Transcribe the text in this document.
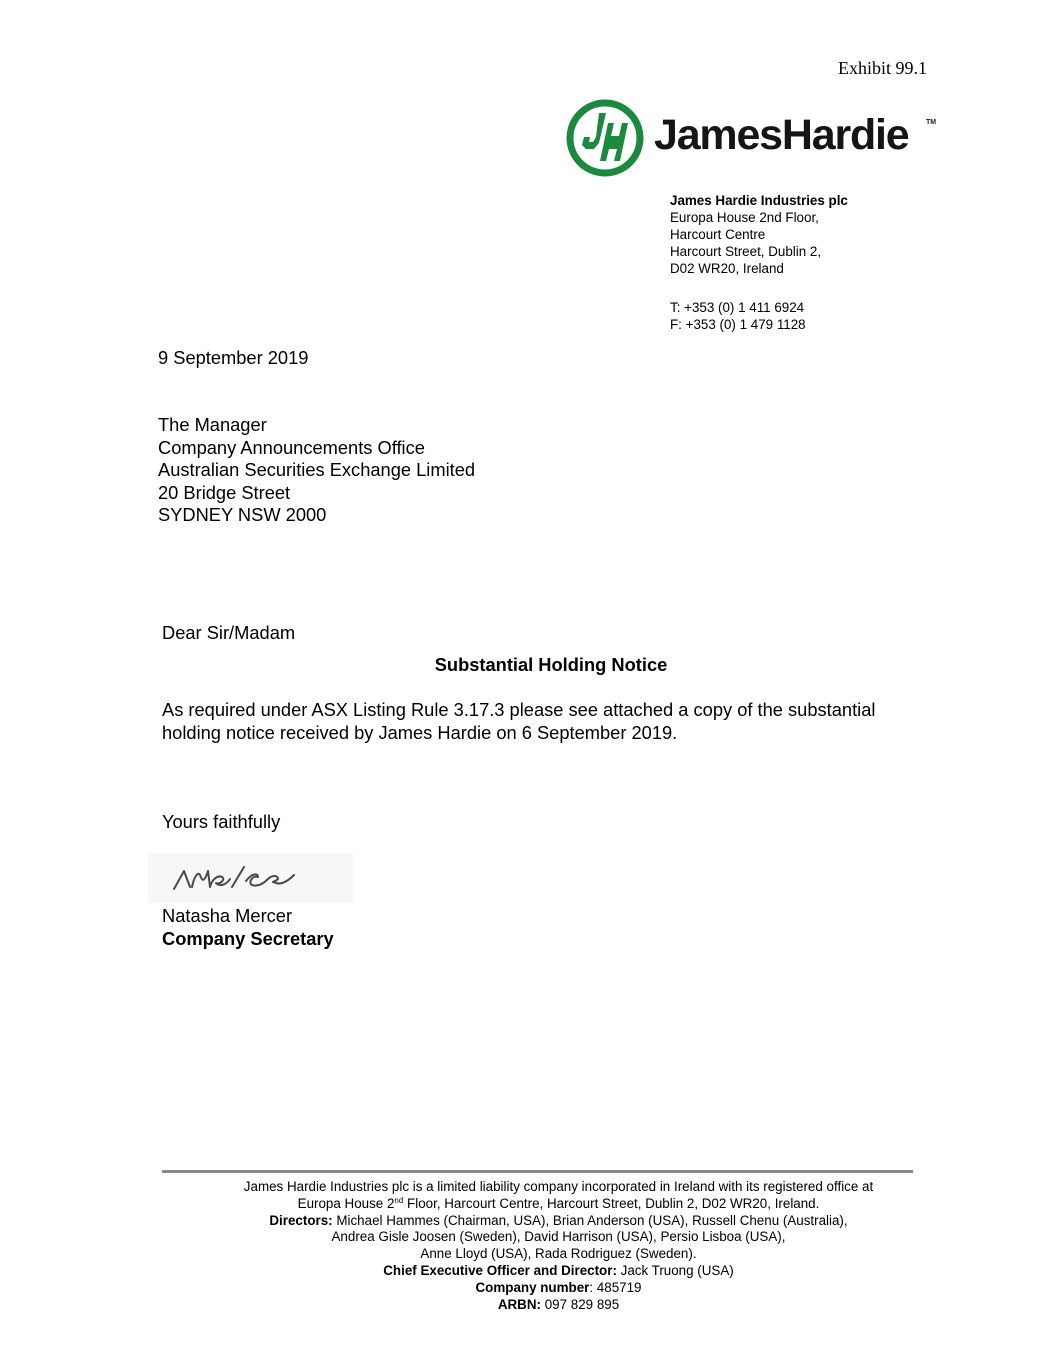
Exhibit 99.1
JamesHardie TM
James Hardie Industries plc
Europa House 2nd Floor,
Harcourt Centre
Harcourt Street, Dublin 2,
D02 WR20, Ireland
T: +353 (0) 1 411 6924
F: +353 (0) 1 479 1128
9 September 2019
The Manager
Company Announcements Office
Australian Securities Exchange Limited
20 Bridge Street
SYDNEY NSW 2000
Dear Sir/Madam
Substantial Holding Notice
As required under ASX Listing Rule 3.17.3 please see attached a copy of the substantial
holding notice received by James Hardie on 6 September 2019.
Yours faithfully
Natasha Mercer
Company Secretary
James Hardie Industries plc is a limited liability company incorporated in Ireland with its registered office at
Europa House 2nd Floor, Harcourt Centre, Harcourt Street, Dublin 2, D02 WR20, Ireland.
Directors: Michael Hammes (Chairman, USA), Brian Anderson (USA), Russell Chenu (Australia),
Andrea Gisle Joosen (Sweden), David Harrison (USA), Persio Lisboa (USA),
Anne Lloyd (USA), Rada Rodriguez (Sweden).
Chief Executive Officer and Director: Jack Truong (USA)
Company number: 485719
ARBN: 097 829 895
